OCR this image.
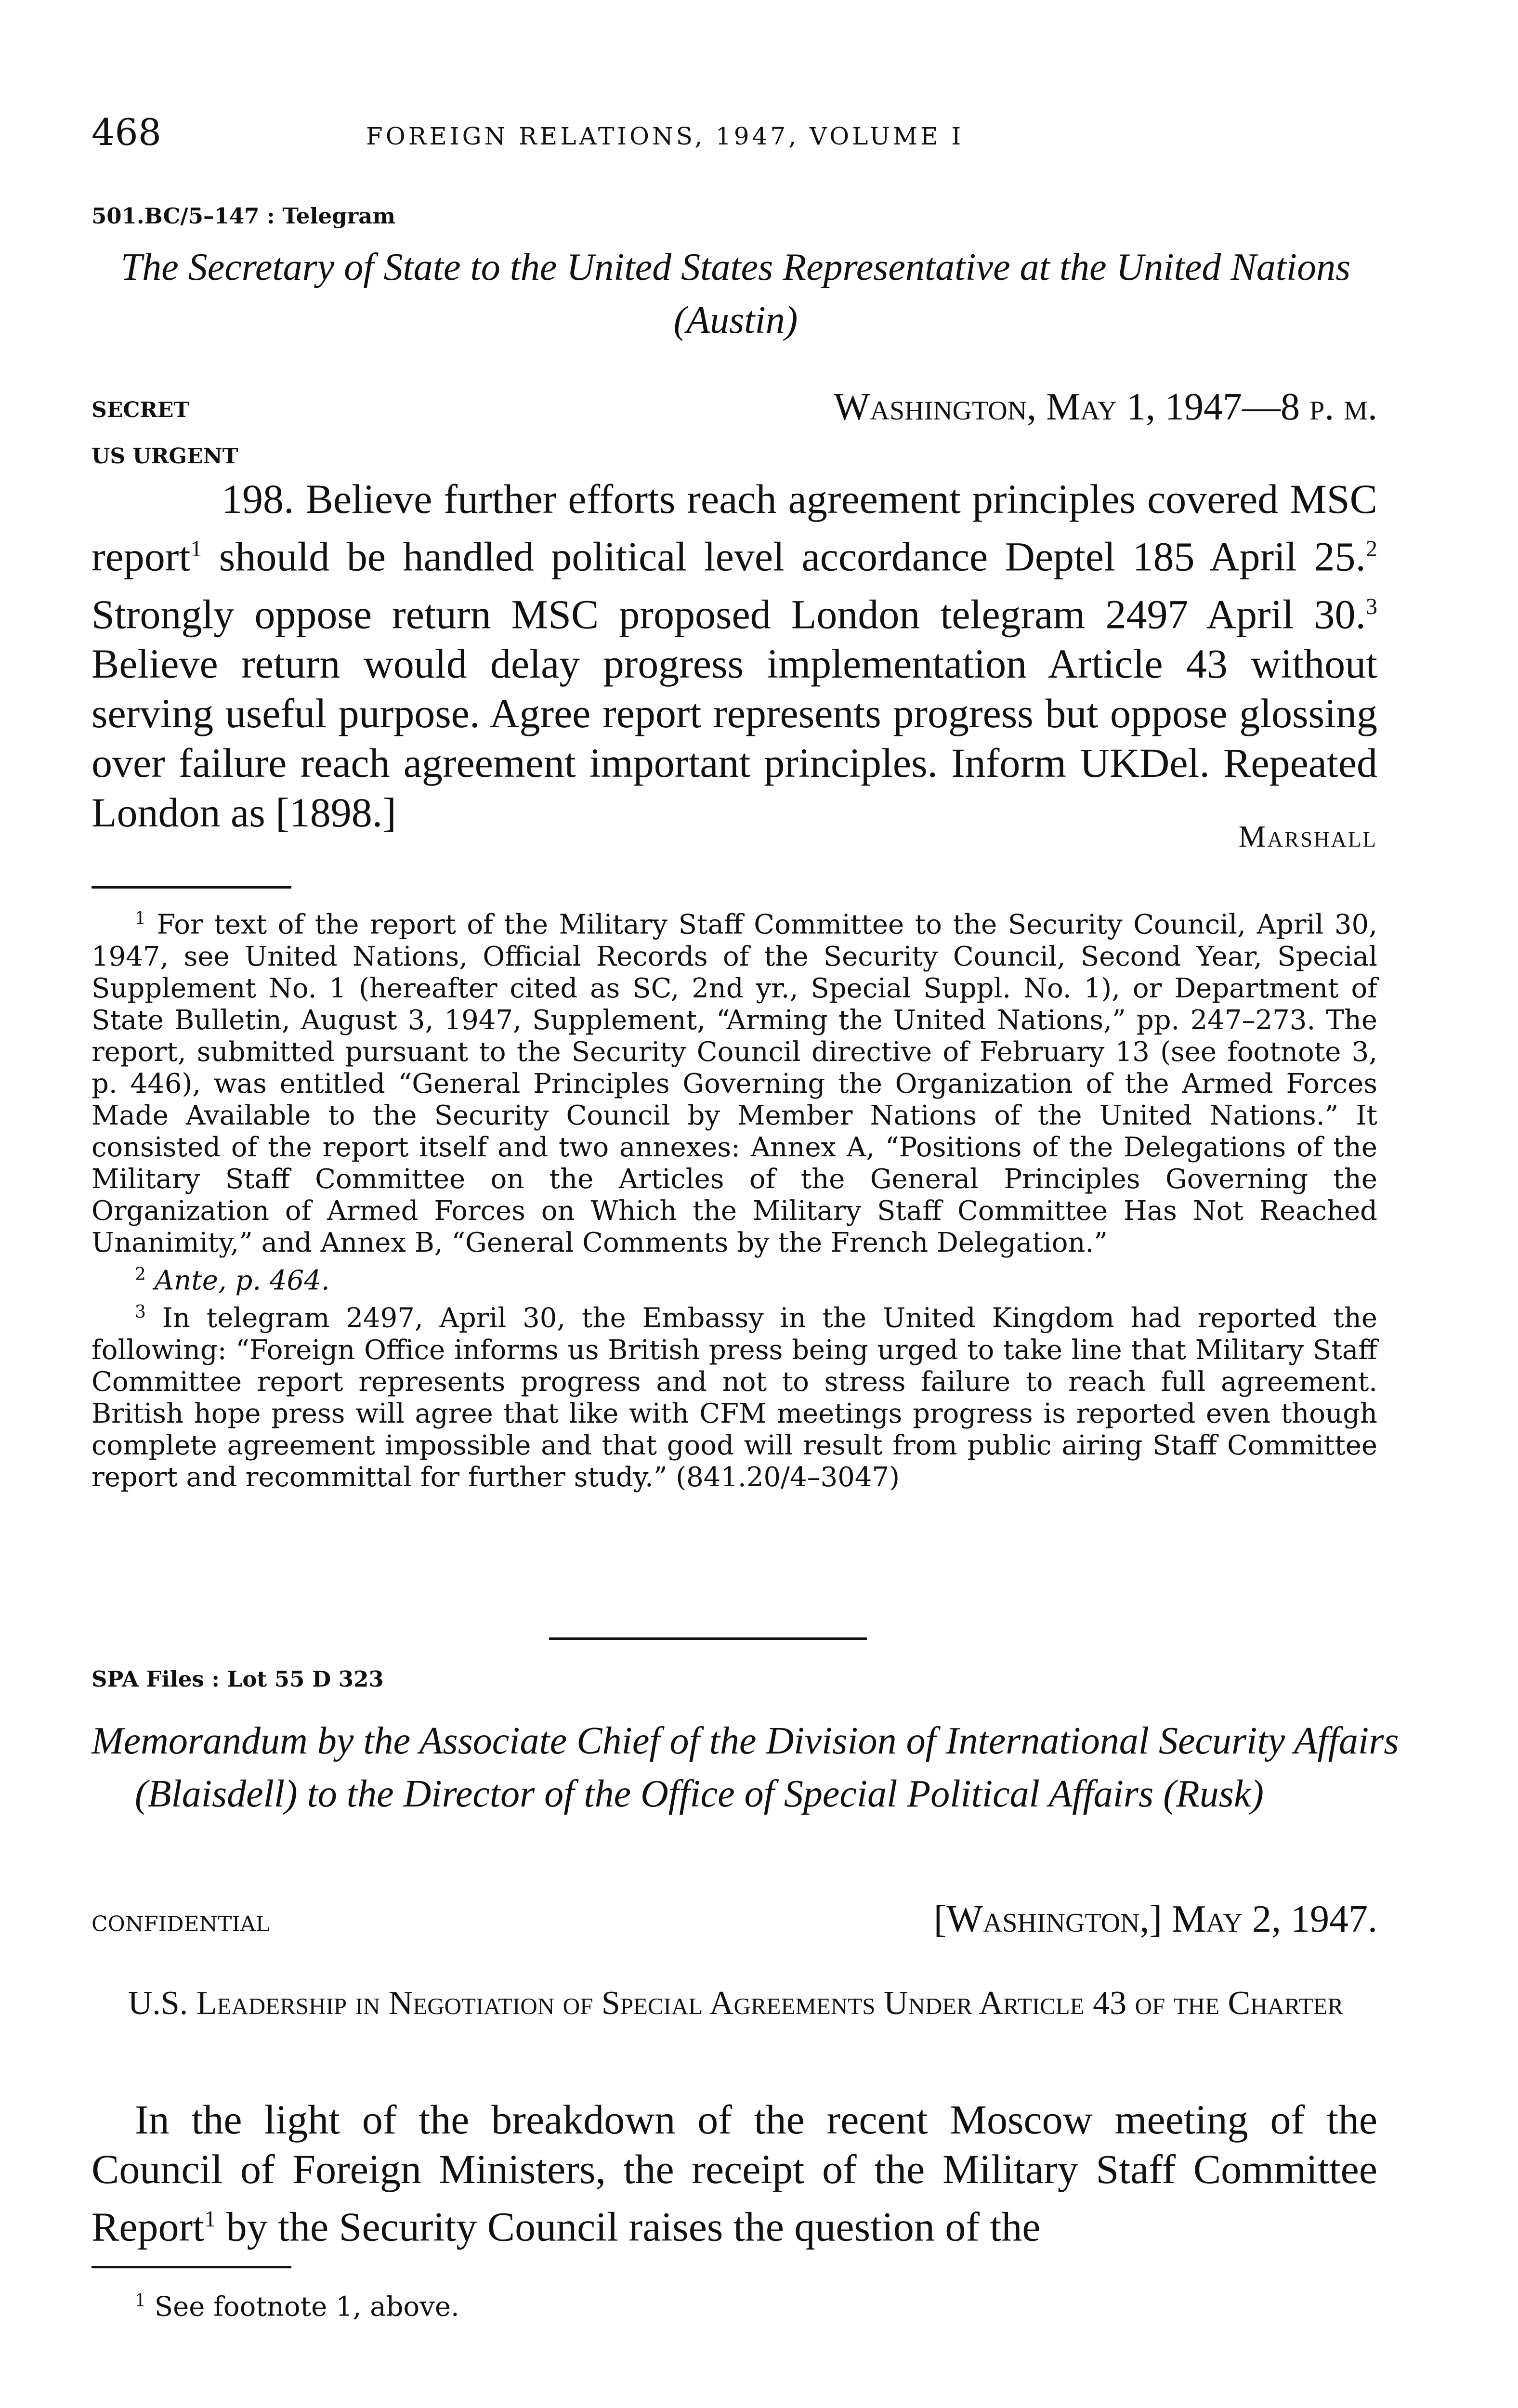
468	FOREIGN RELATIONS, 1947, VOLUME I
501.BC/5–147 : Telegram
The Secretary of State to the United States Representative at the United Nations (Austin)
SECRET	Washington, May 1, 1947—8 p. m.
US URGENT
198. Believe further efforts reach agreement principles covered MSC report$^1$ should be handled political level accordance Deptel 185 April 25.$^2$ Strongly oppose return MSC proposed London telegram 2497 April 30.$^3$ Believe return would delay progress implementation Article 43 without serving useful purpose. Agree report represents progress but oppose glossing over failure reach agreement important principles. Inform UKDel. Repeated London as [1898.]
Marshall

$^1$ For text of the report of the Military Staff Committee to the Security Council, April 30, 1947, see United Nations, Official Records of the Security Council, Second Year, Special Supplement No. 1 (hereafter cited as SC, 2nd yr., Special Suppl. No. 1), or Department of State Bulletin, August 3, 1947, Supplement, “Arming the United Nations,” pp. 247–273. The report, submitted pursuant to the Security Council directive of February 13 (see footnote 3, p. 446), was entitled “General Principles Governing the Organization of the Armed Forces Made Available to the Security Council by Member Nations of the United Nations.” It consisted of the report itself and two annexes: Annex A, “Positions of the Delegations of the Military Staff Committee on the Articles of the General Principles Governing the Organization of Armed Forces on Which the Military Staff Committee Has Not Reached Unanimity,” and Annex B, “General Comments by the French Delegation.”

$^2$ Ante, p. 464.

$^3$ In telegram 2497, April 30, the Embassy in the United Kingdom had reported the following: “Foreign Office informs us British press being urged to take line that Military Staff Committee report represents progress and not to stress failure to reach full agreement. British hope press will agree that like with CFM meetings progress is reported even though complete agreement impossible and that good will result from public airing Staff Committee report and recommittal for further study.” (841.20/4–3047)

SPA Files : Lot 55 D 323
Memorandum by the Associate Chief of the Division of International Security Affairs (Blaisdell) to the Director of the Office of Special Political Affairs (Rusk)
CONFIDENTIAL	[Washington,] May 2, 1947.
U.S. Leadership in Negotiation of Special Agreements Under Article 43 of the Charter
In the light of the breakdown of the recent Moscow meeting of the Council of Foreign Ministers, the receipt of the Military Staff Committee Report$^1$ by the Security Council raises the question of the

$^1$ See footnote 1, above.
